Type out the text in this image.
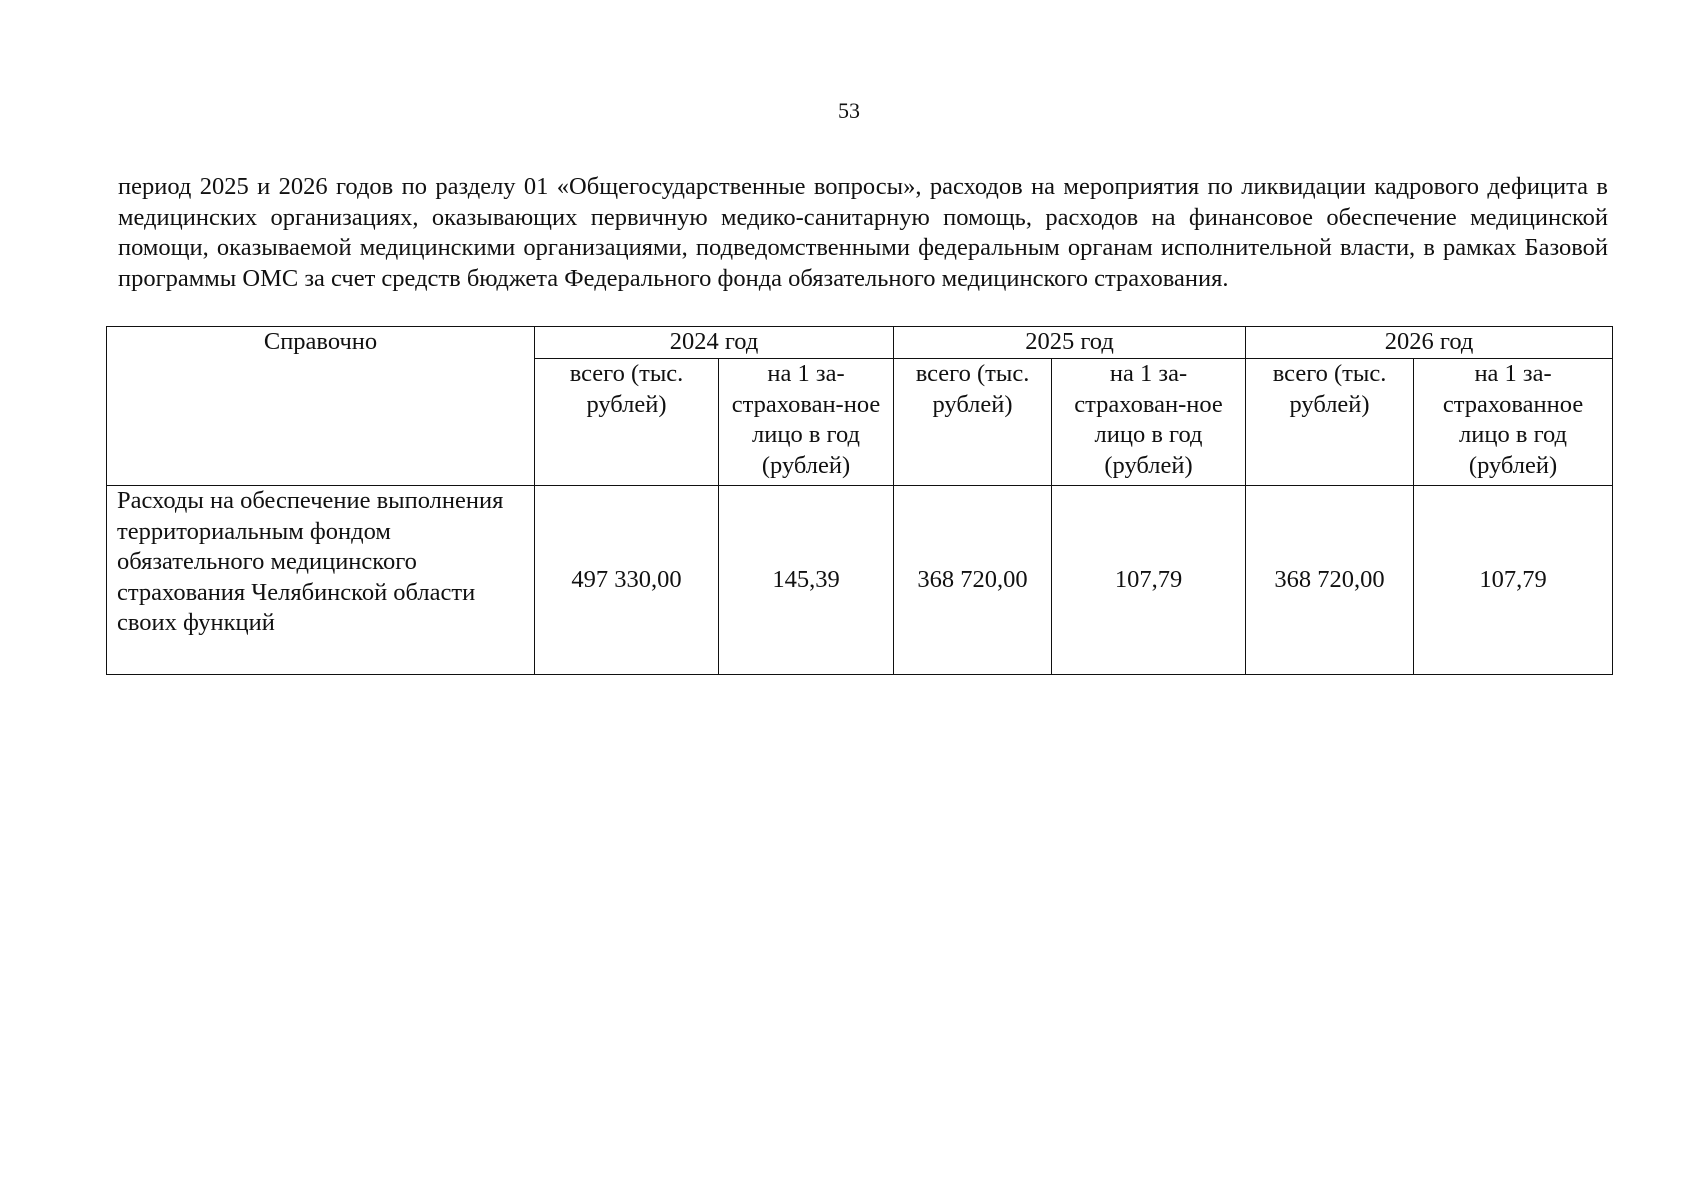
53

период 2025 и 2026 годов по разделу 01 «Общегосударственные вопросы», расходов на мероприятия по ликвидации кадрового дефицита в медицинских организациях, оказывающих первичную медико-санитарную помощь, расходов на финансовое обеспечение медицинской помощи, оказываемой медицинскими организациями, подведомственными федеральным органам исполнительной власти, в рамках Базовой программы ОМС за счет средств бюджета Федерального фонда обязательного медицинского страхования.

Справочно	2024 год		2025 год		2026 год	
	всего (тыс. рублей)	на 1 за-страхован-ное лицо в год (рублей)	всего (тыс. рублей)	на 1 за-страхован-ное лицо в год (рублей)	всего (тыс. рублей)	на 1 за-страхованное лицо в год (рублей)
Расходы на обеспечение выполнения территориальным фондом обязательного медицинского страхования Челябинской области своих функций	497 330,00	145,39	368 720,00	107,79	368 720,00	107,79
